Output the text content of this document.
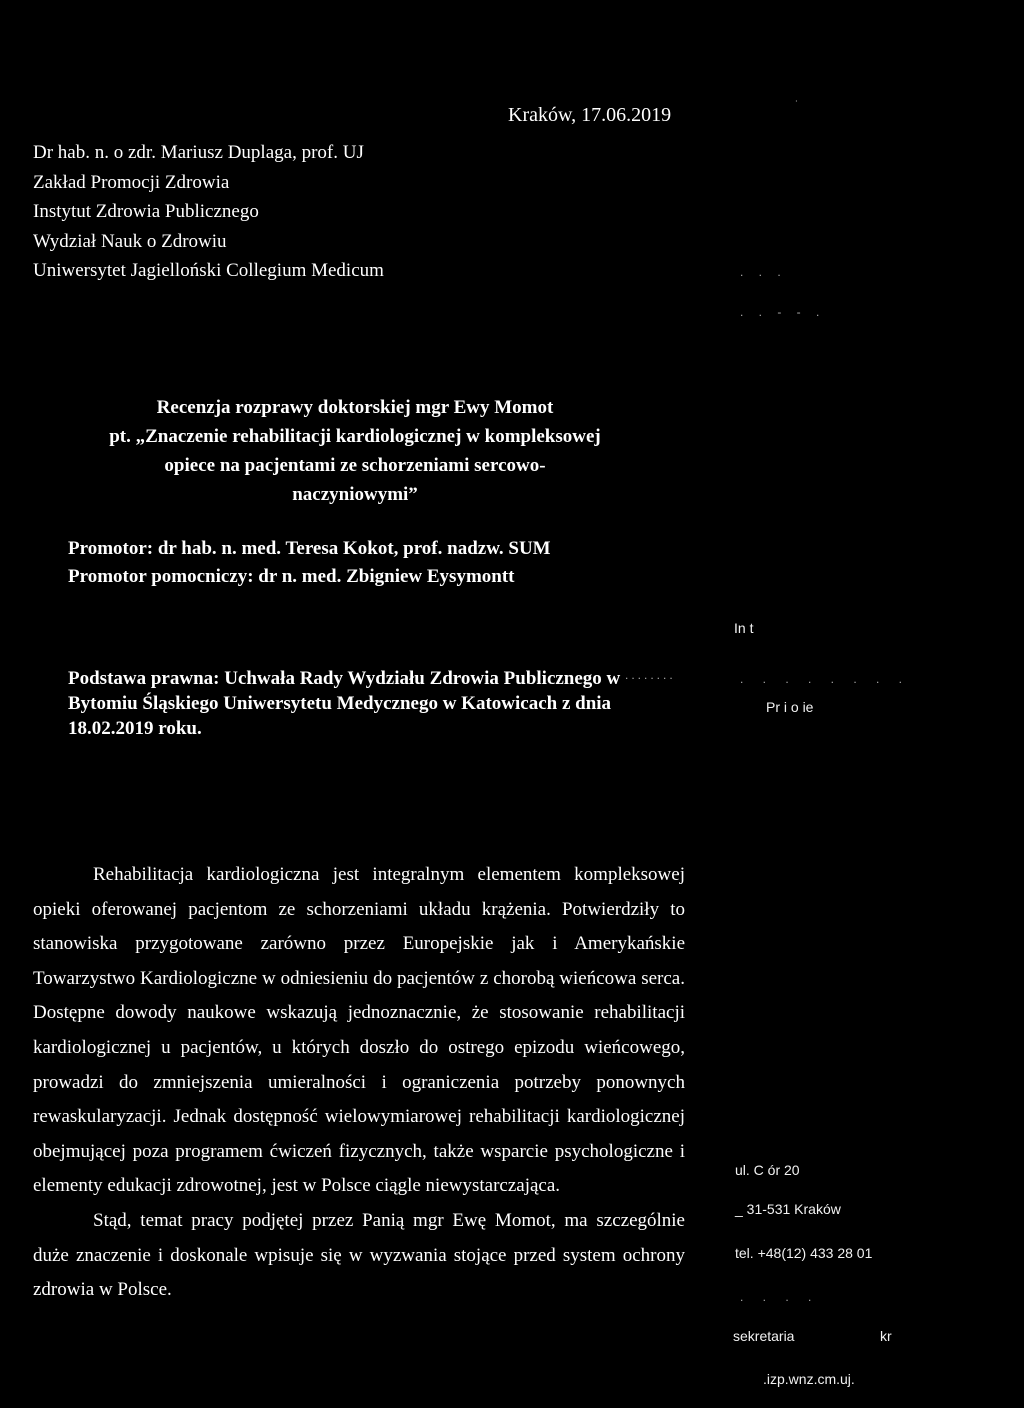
Kraków, 17.06.2019
Dr hab. n. o zdr. Mariusz Duplaga, prof. UJ
Zakład Promocji Zdrowia
Instytut Zdrowia Publicznego
Wydział Nauk o Zdrowiu
Uniwersytet Jagielloński Collegium Medicum
Recenzja rozprawy doktorskiej mgr Ewy Momot
pt. „Znaczenie rehabilitacji kardiologicznej w kompleksowej
opiece na pacjentami ze schorzeniami sercowo-
naczyniowymi”
Promotor: dr hab. n. med. Teresa Kokot, prof. nadzw. SUM
Promotor pomocniczy: dr n. med. Zbigniew Eysymontt
Podstawa prawna: Uchwała Rady Wydziału Zdrowia Publicznego w Bytomiu Śląskiego Uniwersytetu Medycznego w Katowicach z dnia 18.02.2019 roku.

Rehabilitacja kardiologiczna jest integralnym elementem kompleksowej opieki oferowanej pacjentom ze schorzeniami układu krążenia. Potwierdziły to stanowiska przygotowane zarówno przez Europejskie jak i Amerykańskie Towarzystwo Kardiologiczne w odniesieniu do pacjentów z chorobą wieńcowa serca. Dostępne dowody naukowe wskazują jednoznacznie, że stosowanie rehabilitacji kardiologicznej u pacjentów, u których doszło do ostrego epizodu wieńcowego, prowadzi do zmniejszenia umieralności i ograniczenia potrzeby ponownych rewaskularyzacji. Jednak dostępność wielowymiarowej rehabilitacji kardiologicznej obejmującej poza programem ćwiczeń fizycznych, także wsparcie psychologiczne i elementy edukacji zdrowotnej, jest w Polsce ciągle niewystarczająca.

Stąd, temat pracy podjętej przez Panią mgr Ewę Momot, ma szczególnie duże znaczenie i doskonale wpisuje się w wyzwania stojące przed system ochrony zdrowia w Polsce.

In t
Pr i o ie
ul. C ór 20
_ 31-531 Kraków
tel. +48(12) 433 28 01
sekretaria	kr
.izp.wnz.cm.uj.
˙
. . .
. . - - .
........	. . . . . . . .
. . . .
